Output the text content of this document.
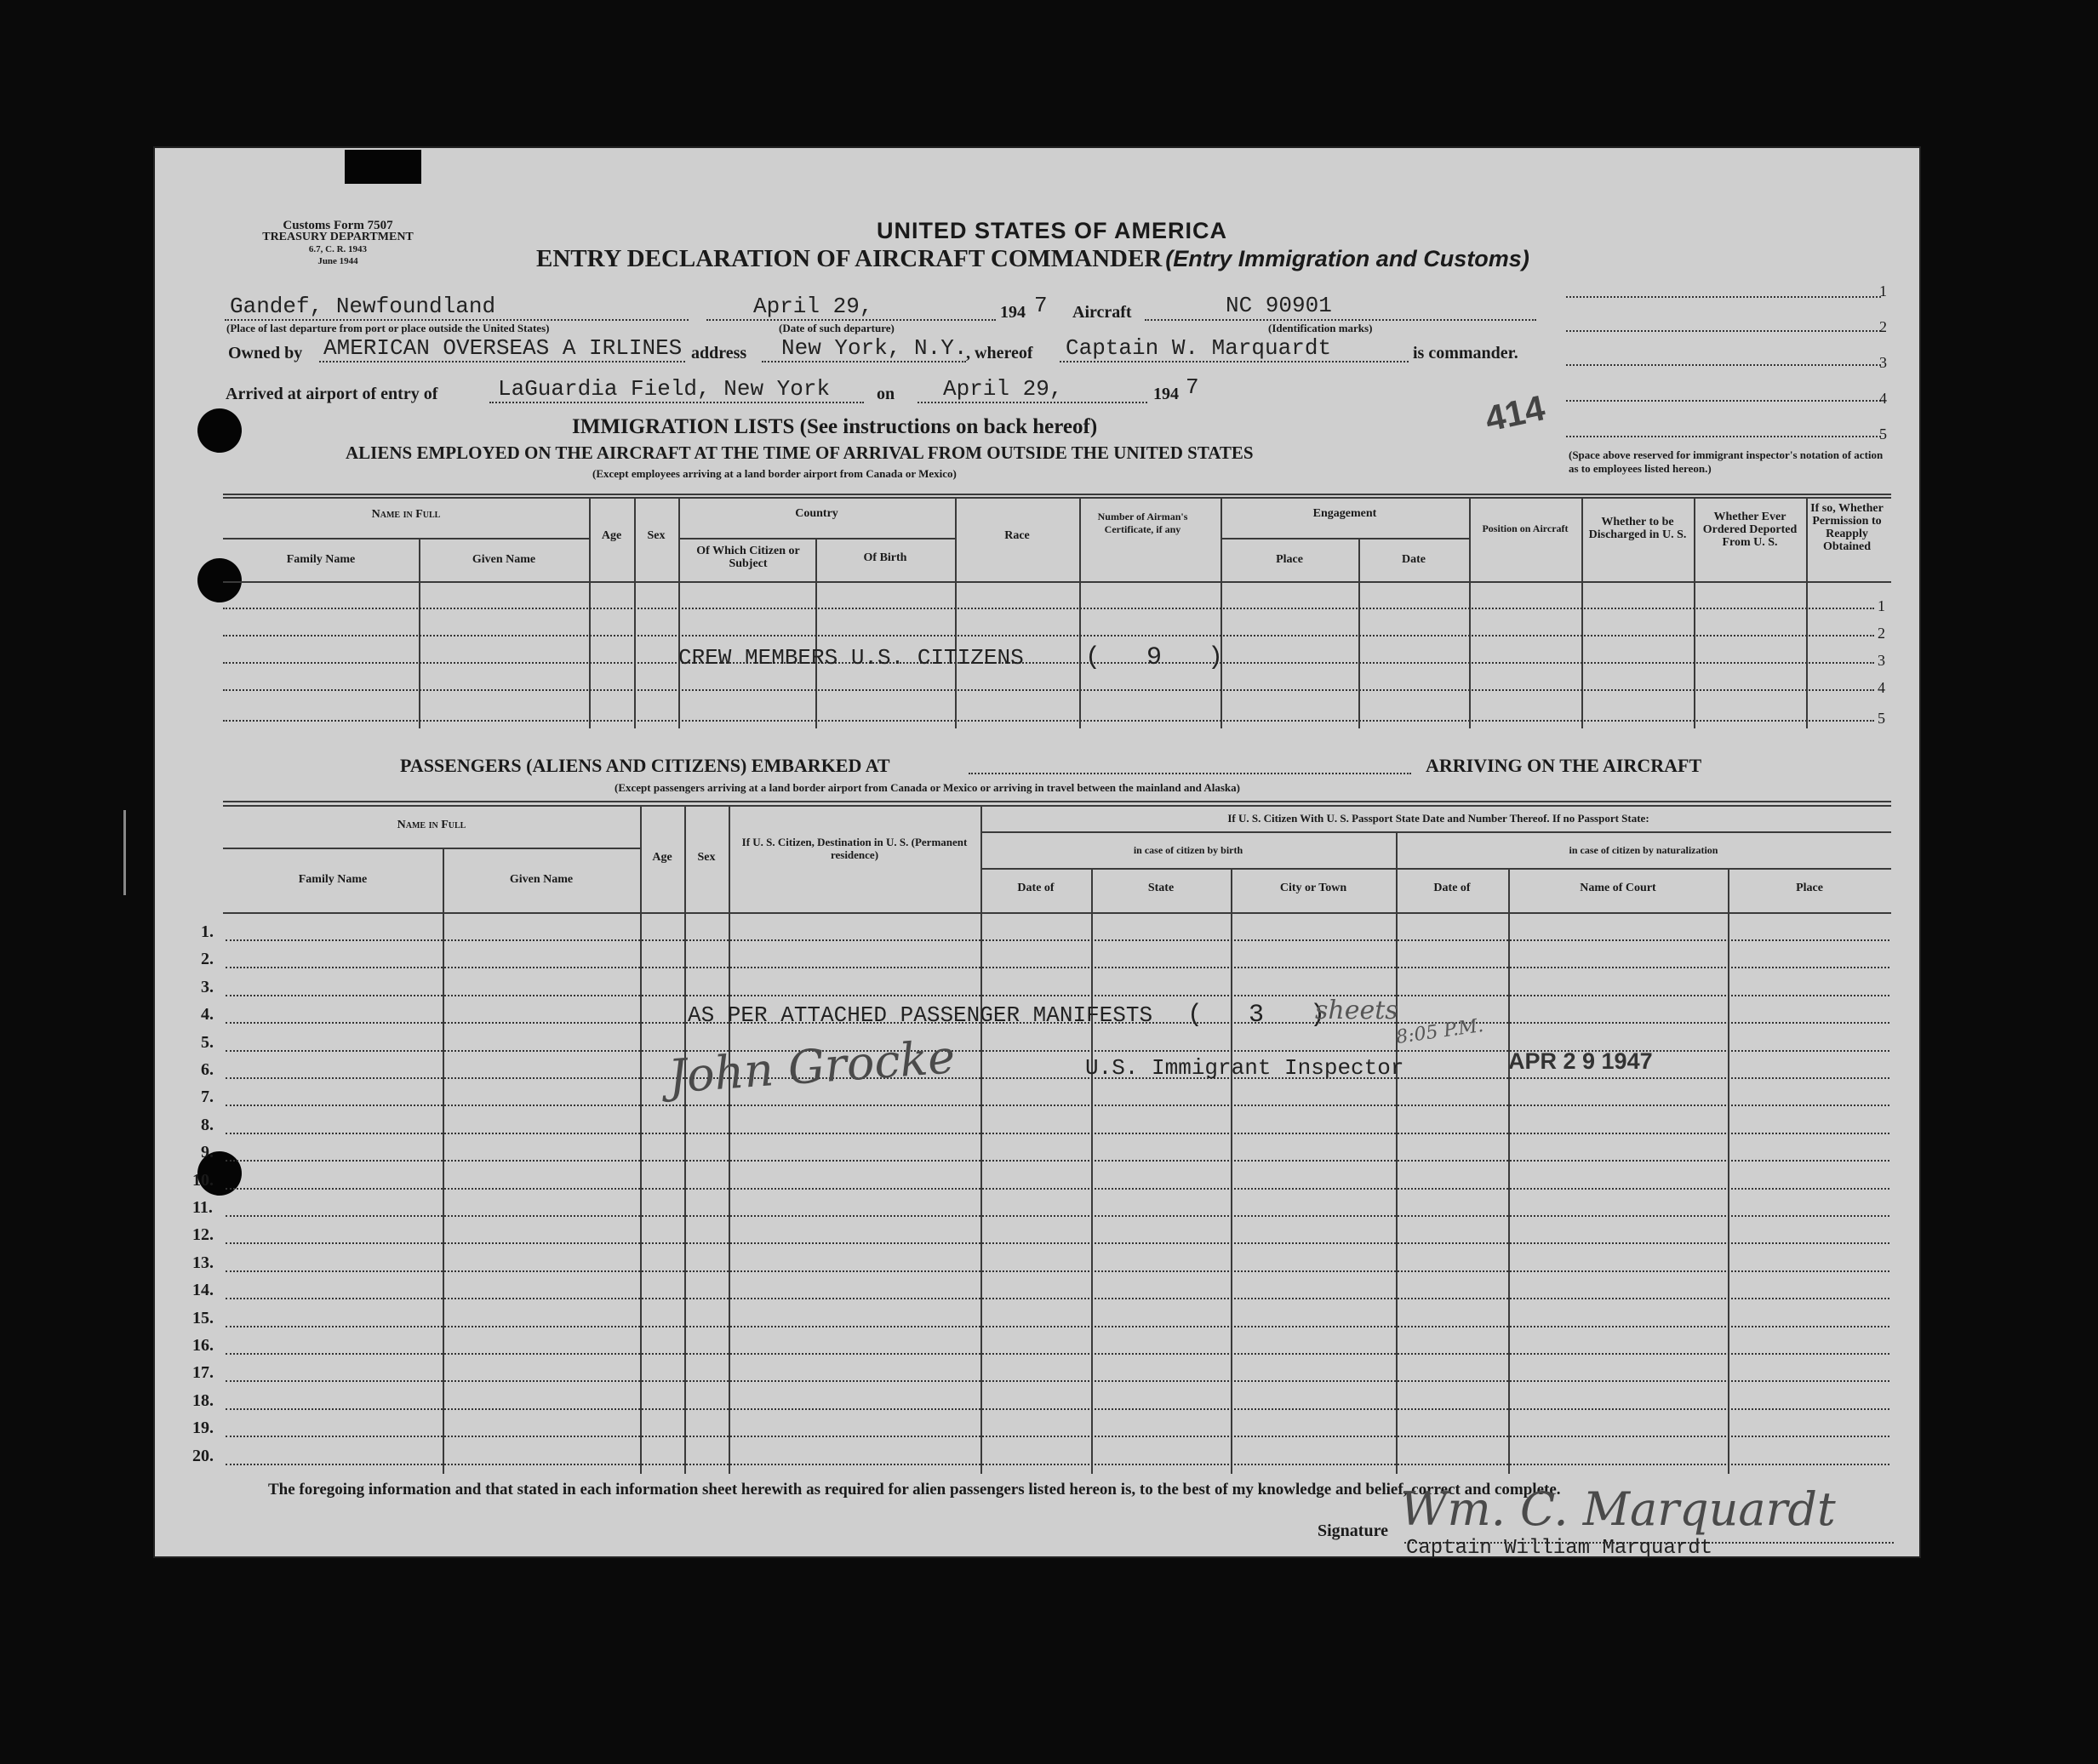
Customs Form 7507
TREASURY DEPARTMENT
6.7, C. R. 1943
June 1944
UNITED STATES OF AMERICA
ENTRY DECLARATION OF AIRCRAFT COMMANDER (Entry Immigration and Customs)
1
2
3
4
5
Gandef, Newfoundland
(Place of last departure from port or place outside the United States)
April 29,
(Date of such departure)
194 7 Aircraft	NC 90901
(Identification marks)
Owned by AMERICAN OVERSEAS A IRLINES address New York, N.Y.
, whereof Captain W. Marquardt	is commander.
Arrived at airport of entry of	LaGuardia Field, New York	on April 29,	194 7
414
IMMIGRATION LISTS (See instructions on back hereof)
ALIENS EMPLOYED ON THE AIRCRAFT AT THE TIME OF ARRIVAL FROM OUTSIDE THE UNITED STATES
(Except employees arriving at a land border airport from Canada or Mexico)
(Space above reserved for immigrant inspector's notation of action as to employees listed hereon.)
1
2
3
4
5
Name in Full
Family Name	Given Name
Age	Sex
Country
Of Which Citizen or Subject	Of Birth
Race
Number of Airman's Certificate, if any
Engagement
Place	Date
Position on Aircraft	Whether to be Discharged in U. S.
Whether Ever Ordered Deported From U. S.
If so, Whether Permission to Reapply Obtained
CREW MEMBERS U.S. CITIZENS ( 9 )
PASSENGERS (ALIENS AND CITIZENS) EMBARKED AT	ARRIVING ON THE AIRCRAFT
(Except passengers arriving at a land border airport from Canada or Mexico or arriving in travel between the mainland and Alaska)
Name in Full
Family Name	Given Name
Age	Sex
If U. S. Citizen, Destination in U. S. (Permanent residence)
If U. S. Citizen With U. S. Passport State Date and Number Thereof. If no Passport State:
in case of citizen by birth	in case of citizen by naturalization
Date of	State	City or Town	Date of	Name of Court	Place
1.
2.
3.
4.
5.
6.
7.
8.
9.
10.
11.
12.
13.
14.
15.
16.
17.
18.
19.
20.
AS PER ATTACHED PASSENGER MANIFESTS ( 3 )
sheets
8:05 P.M.
John Grocke	U.S. Immigrant Inspector	APR 2 9 1947
The foregoing information and that stated in each information sheet herewith as required for alien passengers listed hereon is, to the best of my knowledge and belief, correct and complete.
Signature Wm. C. Marquardt
Captain William Marquardt
